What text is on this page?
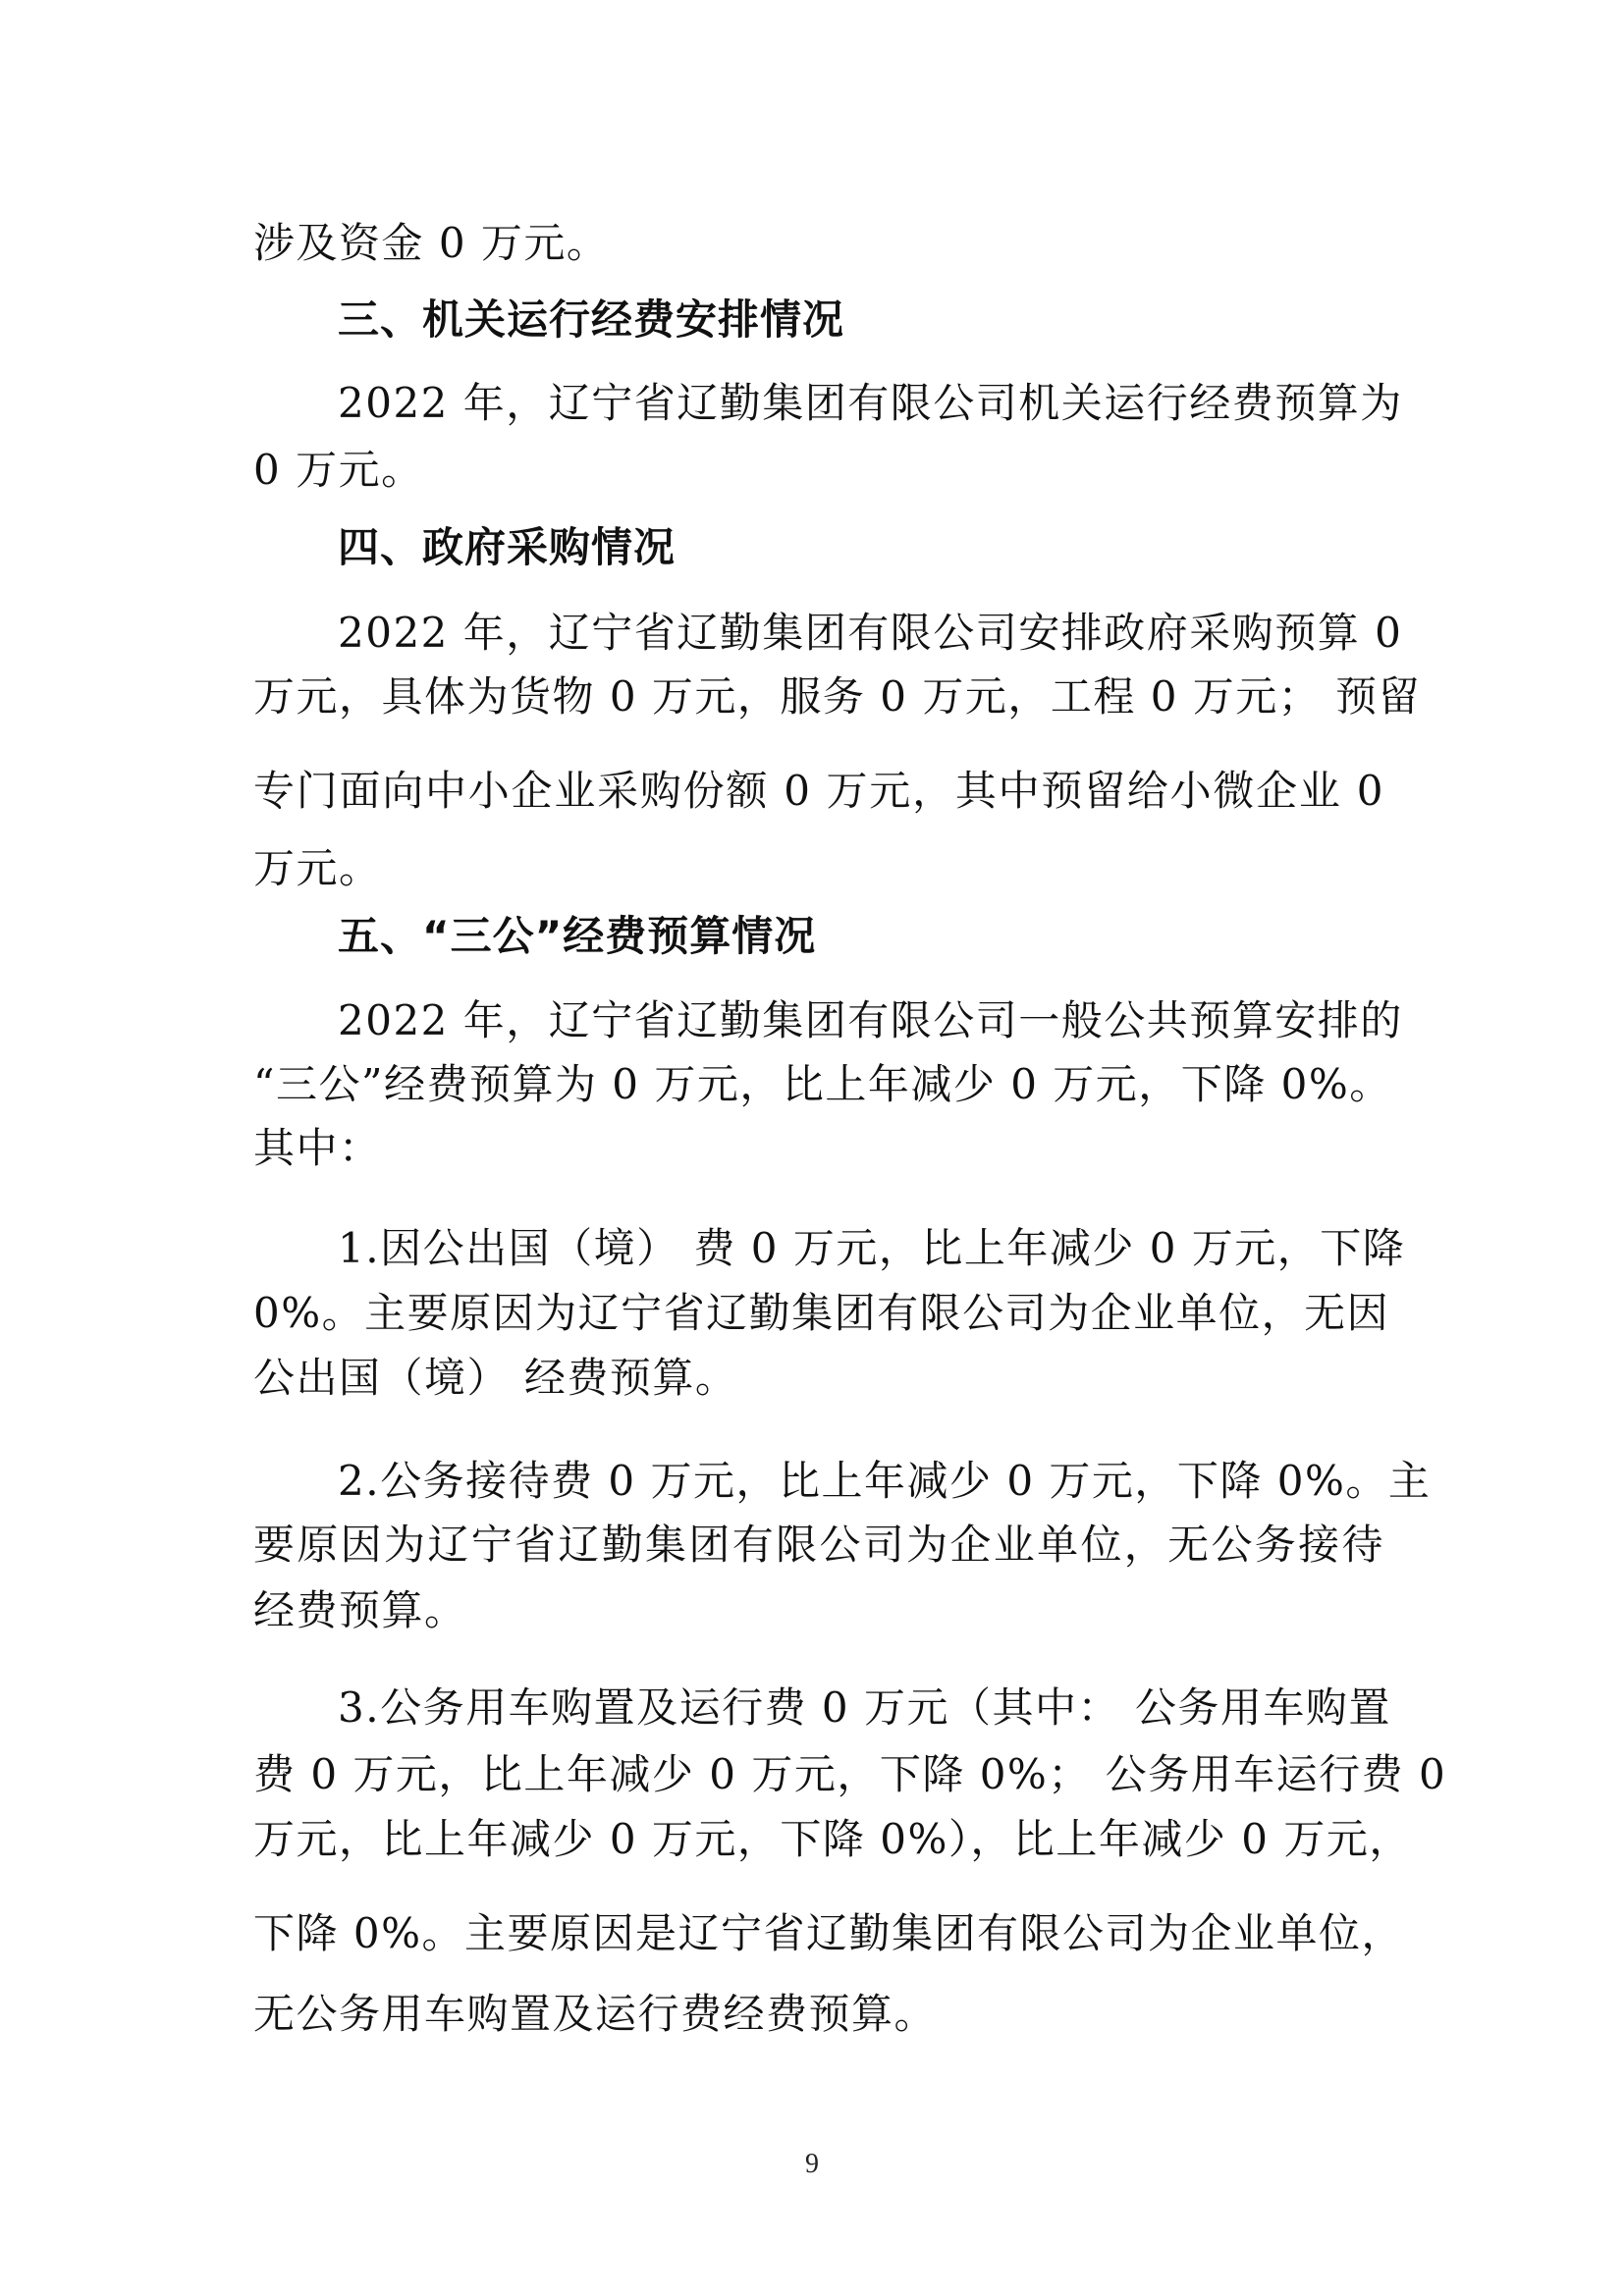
涉及资金 0 万元。

三、机关运行经费安排情况

2022 年，辽宁省辽勤集团有限公司机关运行经费预算为

0 万元。

四、政府采购情况

2022 年，辽宁省辽勤集团有限公司安排政府采购预算 0

万元，具体为货物 0 万元，服务 0 万元，工程 0 万元； 预留

专门面向中小企业采购份额 0 万元，其中预留给小微企业 0

万元。

五、“三公”经费预算情况

2022 年，辽宁省辽勤集团有限公司一般公共预算安排的

“三公”经费预算为 0 万元，比上年减少 0 万元，下降 0%。

其中：

1.因公出国（境） 费 0 万元，比上年减少 0 万元，下降

0%。主要原因为辽宁省辽勤集团有限公司为企业单位，无因

公出国（境） 经费预算。

2.公务接待费 0 万元，比上年减少 0 万元，下降 0%。主

要原因为辽宁省辽勤集团有限公司为企业单位，无公务接待

经费预算。

3.公务用车购置及运行费 0 万元（其中： 公务用车购置

费 0 万元，比上年减少 0 万元，下降 0%； 公务用车运行费 0

万元，比上年减少 0 万元，下降 0%），比上年减少 0 万元，

下降 0%。主要原因是辽宁省辽勤集团有限公司为企业单位，

无公务用车购置及运行费经费预算。

9
